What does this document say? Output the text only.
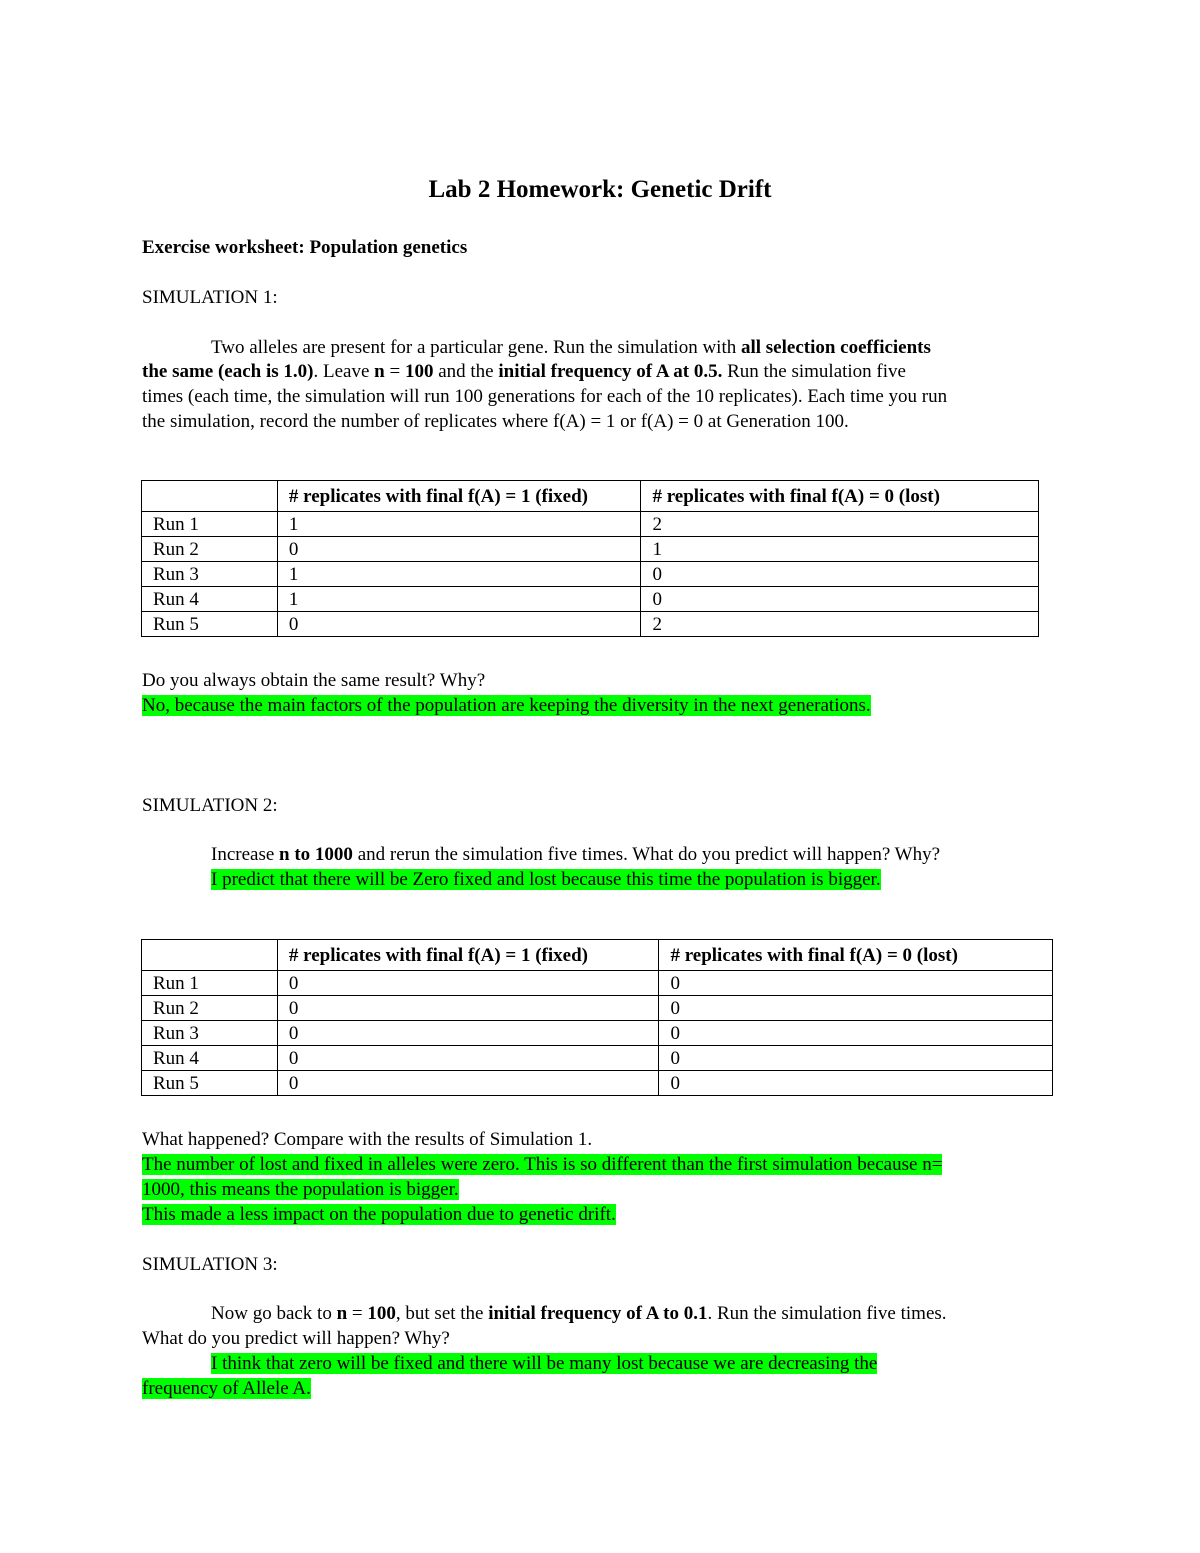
Lab 2 Homework: Genetic Drift
Exercise worksheet: Population genetics
SIMULATION 1:
Two alleles are present for a particular gene. Run the simulation with all selection coefficients
the same (each is 1.0). Leave n = 100 and the initial frequency of A at 0.5. Run the simulation five
times (each time, the simulation will run 100 generations for each of the 10 replicates). Each time you run
the simulation, record the number of replicates where f(A) = 1 or f(A) = 0 at Generation 100.
	# replicates with final f(A) = 1 (fixed)	# replicates with final f(A) = 0 (lost)
Run 1	1	2
Run 2	0	1
Run 3	1	0
Run 4	1	0
Run 5	0	2
Do you always obtain the same result? Why?
No, because the main factors of the population are keeping the diversity in the next generations.
SIMULATION 2:
Increase n to 1000 and rerun the simulation five times. What do you predict will happen? Why?
I predict that there will be Zero fixed and lost because this time the population is bigger.
	# replicates with final f(A) = 1 (fixed)	# replicates with final f(A) = 0 (lost)
Run 1	0	0
Run 2	0	0
Run 3	0	0
Run 4	0	0
Run 5	0	0
What happened? Compare with the results of Simulation 1.
The number of lost and fixed in alleles were zero. This is so different than the first simulation because n=
1000, this means the population is bigger.
This made a less impact on the population due to genetic drift.
SIMULATION 3:
Now go back to n = 100, but set the initial frequency of A to 0.1. Run the simulation five times.
What do you predict will happen? Why?
I think that zero will be fixed and there will be many lost because we are decreasing the
frequency of Allele A.
